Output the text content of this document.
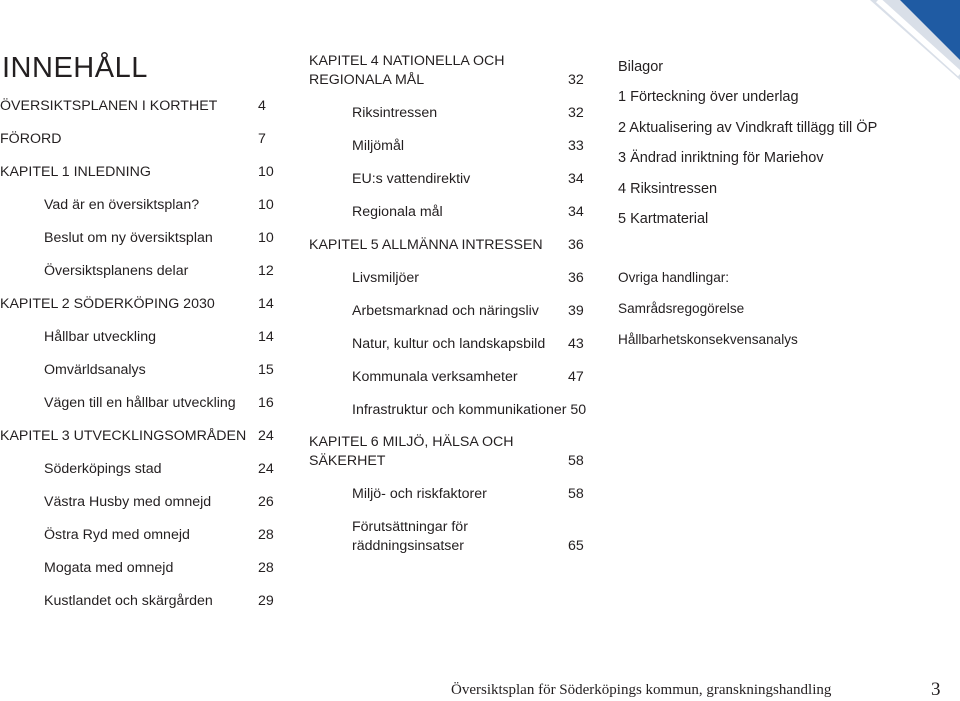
INNEHÅLL
ÖVERSIKTSPLANEN I KORTHET	4
FÖRORD	7
KAPITEL 1 INLEDNING	10
Vad är en översiktsplan?	10
Beslut om ny översiktsplan	10
Översiktsplanens delar	12
KAPITEL 2 SÖDERKÖPING 2030	14
Hållbar utveckling	14
Omvärldsanalys	15
Vägen till en hållbar utveckling 16
KAPITEL 3 UTVECKLINGSOMRÅDEN 24
Söderköpings stad	24
Västra Husby med omnejd	26
Östra Ryd med omnejd	28
Mogata med omnejd	28
Kustlandet och skärgården	29
KAPITEL 4 NATIONELLA OCH
REGIONALA MÅL	32
Riksintressen	32
Miljömål	33
EU:s vattendirektiv	34
Regionala mål	34
KAPITEL 5 ALLMÄNNA INTRESSEN 36
Livsmiljöer	36
Arbetsmarknad och näringsliv 39
Natur, kultur och landskapsbild 43
Kommunala verksamheter	47
Infrastruktur och kommunikationer 50
KAPITEL 6 MILJÖ, HÄLSA OCH
SÄKERHET	58
Miljö- och riskfaktorer	58
Förutsättningar för
räddningsinsatser	65
Bilagor
1 Förteckning över underlag
2 Aktualisering av Vindkraft tillägg till ÖP
3 Ändrad inriktning för Mariehov
4 Riksintressen
5 Kartmaterial
Ovriga handlingar:
Samrådsregogörelse
Hållbarhetskonsekvensanalys
Översiktsplan för Söderköpings kommun, granskningshandling	3
